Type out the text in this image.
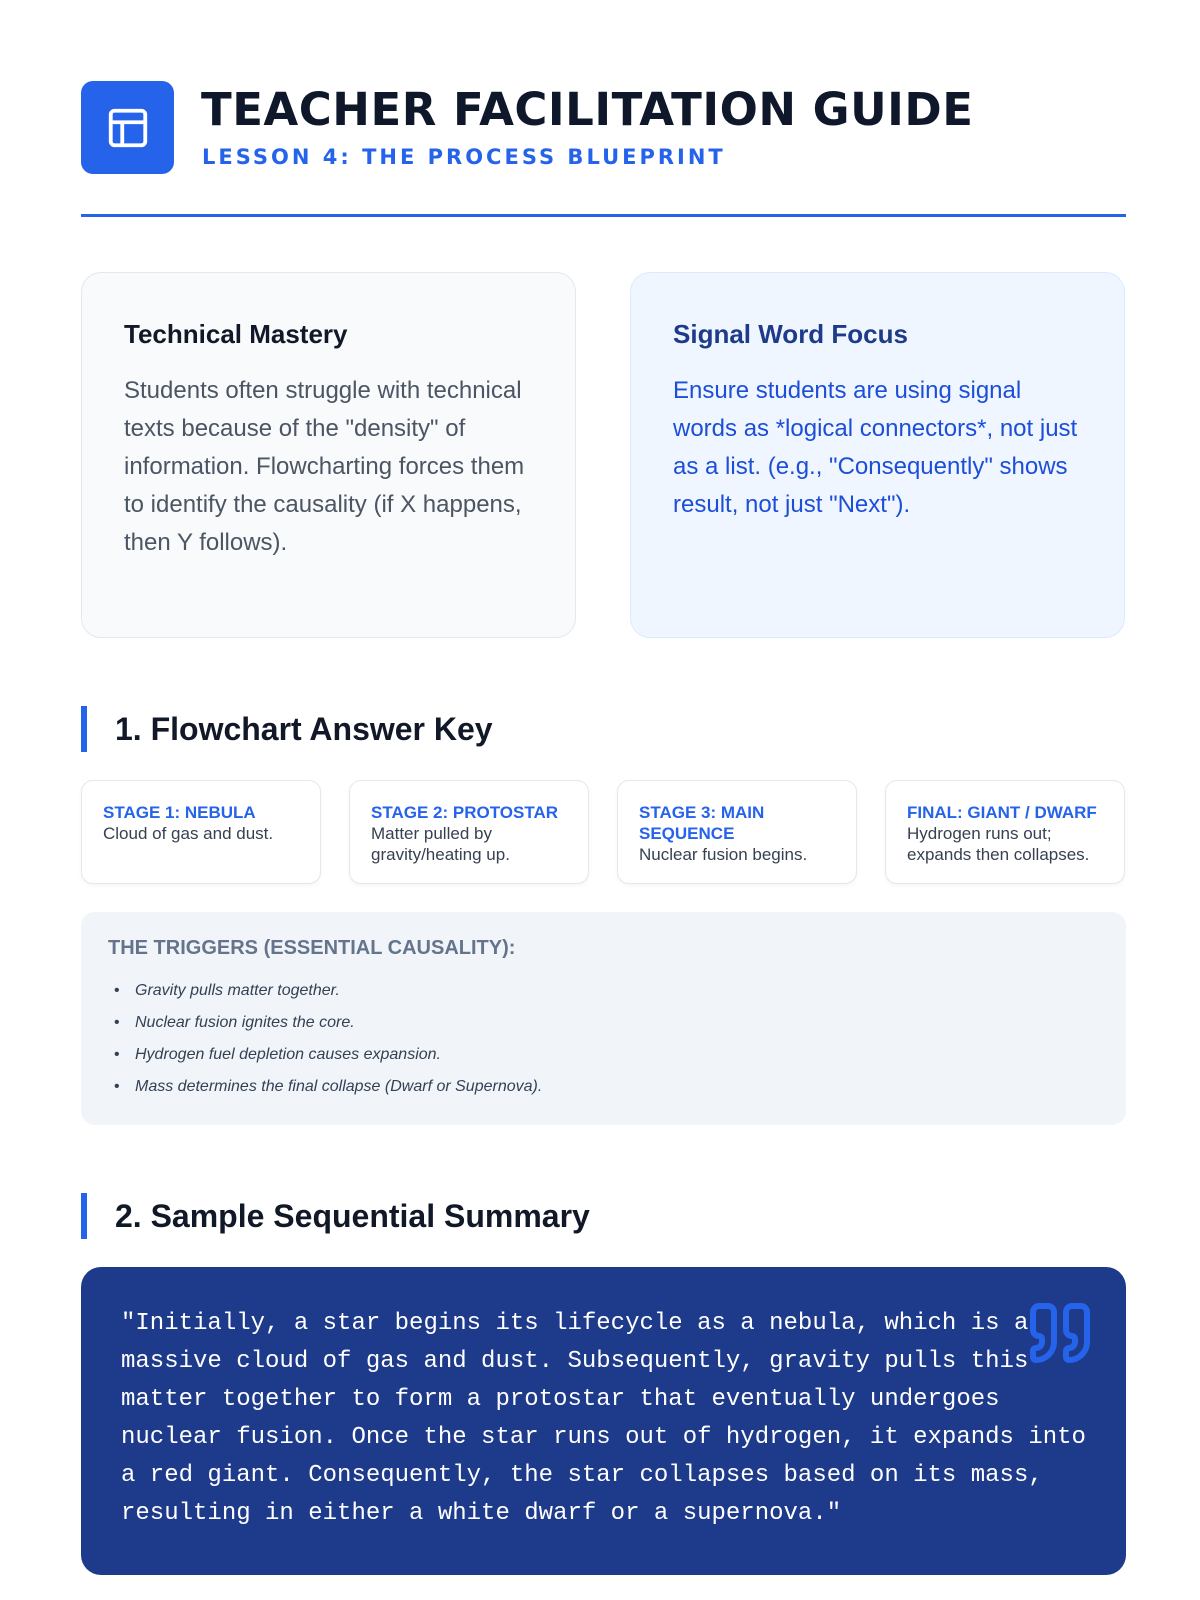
TEACHER FACILITATION GUIDE
LESSON 4: THE PROCESS BLUEPRINT
Technical Mastery

Students often struggle with technical texts because of the "density" of information. Flowcharting forces them to identify the causality (if X happens, then Y follows).

Signal Word Focus

Ensure students are using signal words as *logical connectors*, not just as a list. (e.g., "Consequently" shows result, not just "Next").

1. Flowchart Answer Key
STAGE 1: NEBULA
Cloud of gas and dust.
STAGE 2: PROTOSTAR
Matter pulled by gravity/heating up.
STAGE 3: MAIN SEQUENCE
Nuclear fusion begins.
FINAL: GIANT / DWARF
Hydrogen runs out; expands then collapses.
THE TRIGGERS (ESSENTIAL CAUSALITY):
• Gravity pulls matter together.
• Nuclear fusion ignites the core.
• Hydrogen fuel depletion causes expansion.
• Mass determines the final collapse (Dwarf or Supernova).
2. Sample Sequential Summary

"Initially, a star begins its lifecycle as a nebula, which is a massive cloud of gas and dust. Subsequently, gravity pulls this matter together to form a protostar that eventually undergoes nuclear fusion. Once the star runs out of hydrogen, it expands into a red giant. Consequently, the star collapses based on its mass, resulting in either a white dwarf or a supernova."
